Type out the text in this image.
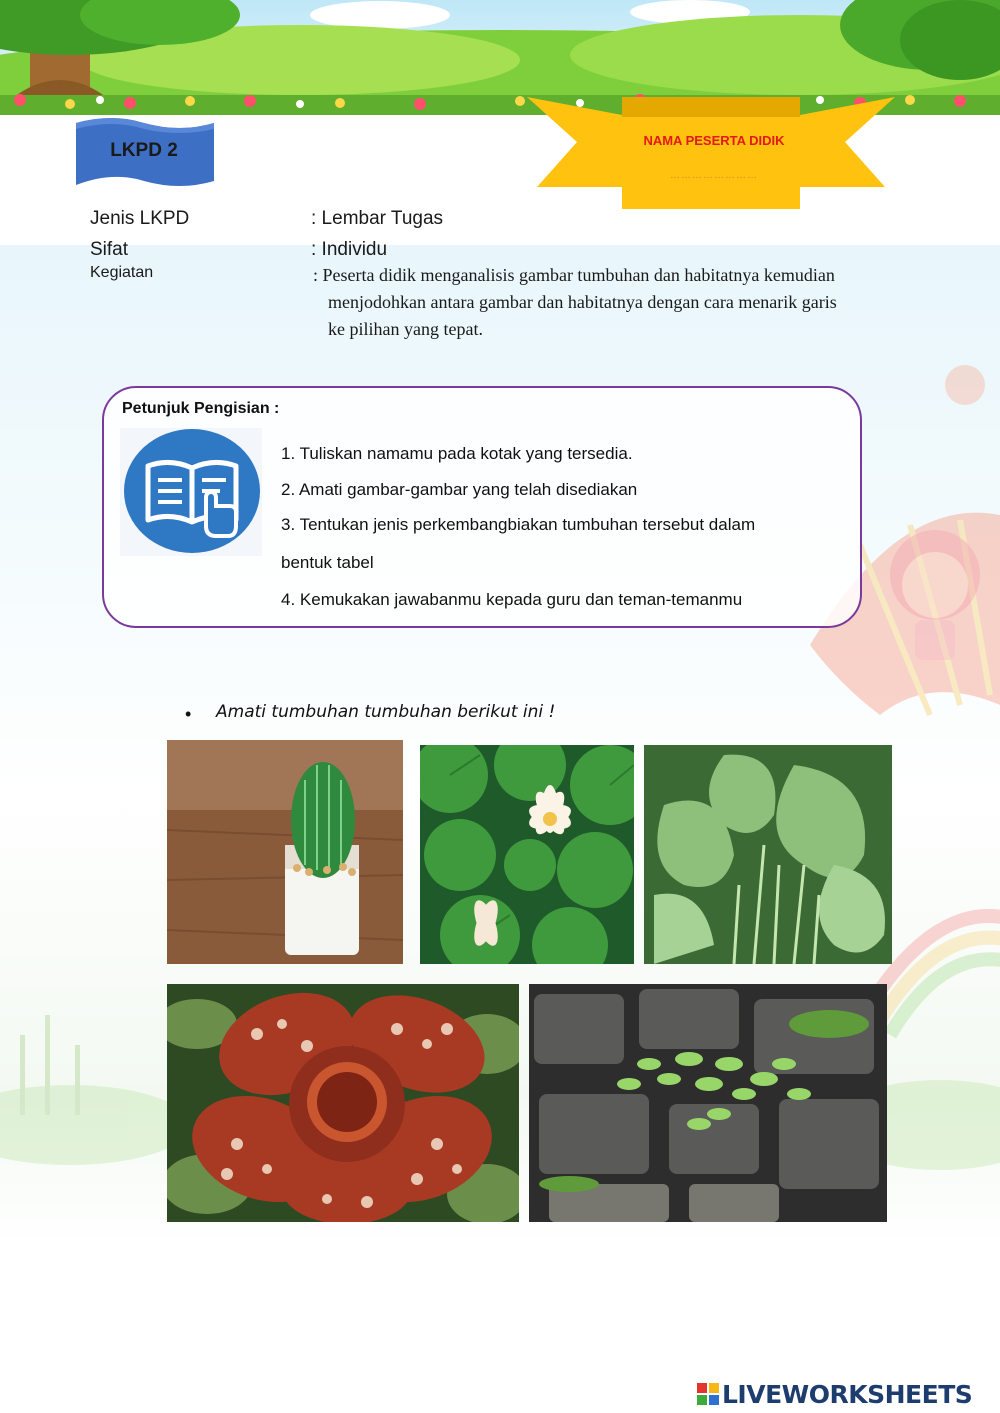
LKPD 2	NAMA PESERTA DIDIK
……………………
Jenis LKPD	: Lembar Tugas
Sifat	: Individu
Kegiatan	: Peserta didik menganalisis gambar tumbuhan dan habitatnya kemudian
menjodohkan antara gambar dan habitatnya dengan cara menarik garis
ke pilihan yang tepat.
Petunjuk Pengisian :
1. Tuliskan namamu pada kotak yang tersedia.
2. Amati gambar-gambar yang telah disediakan
3. Tentukan jenis perkembangbiakan tumbuhan tersebut dalam
bentuk tabel
4. Kemukakan jawabanmu kepada guru dan teman-temanmu
• Amati tumbuhan tumbuhan berikut ini !
LIVEWORKSHEETS
